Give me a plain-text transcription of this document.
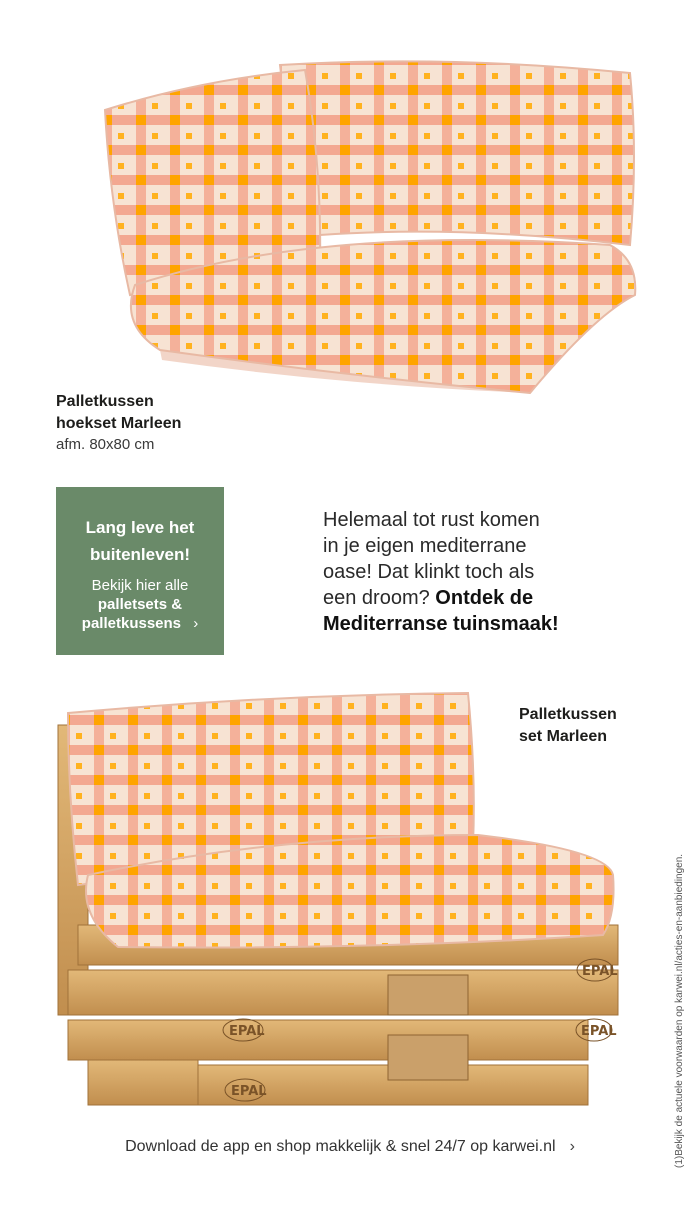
Palletkussen
hoekset Marleen
afm. 80x80 cm
Lang leve het
buitenleven!
Bekijk hier alle
palletsets &
palletkussens ›
Helemaal tot rust komen
in je eigen mediterrane
oase! Dat klinkt toch als
een droom? Ontdek de
Mediterranse tuinsmaak!
Palletkussen
set Marleen
EPAL
EPAL
EPAL
EPAL	(1)Bekijk de actuele voorwaarden op karwei.nl/acties-en-aanbiedingen.
Download de app en shop makkelijk & snel 24/7 op karwei.nl ›
